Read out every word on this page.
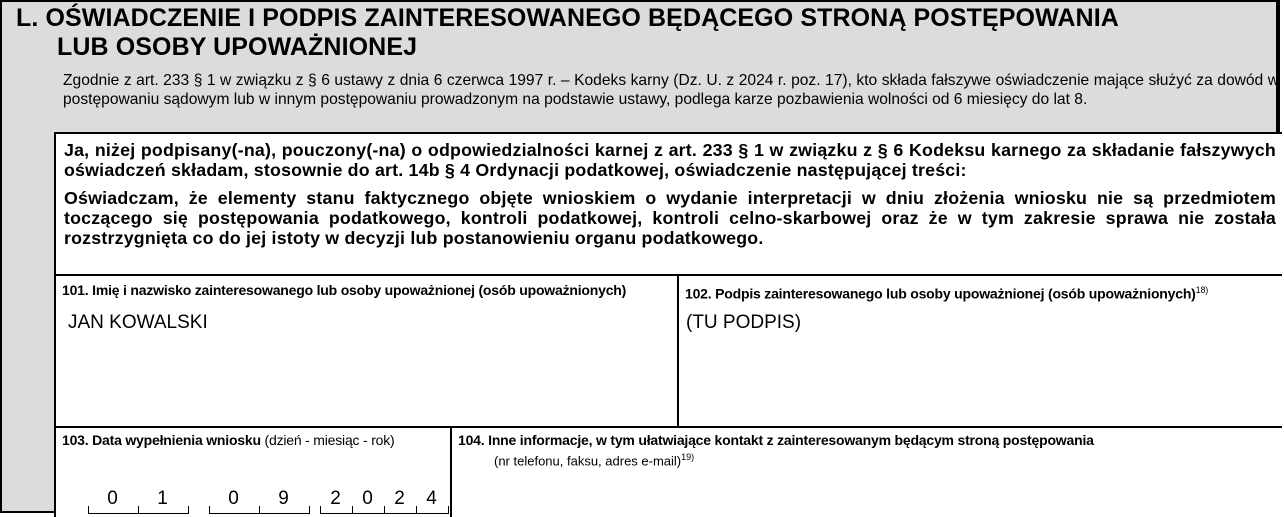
L. OŚWIADCZENIE I PODPIS ZAINTERESOWANEGO BĘDĄCEGO STRONĄ POSTĘPOWANIA
LUB OSOBY UPOWAŻNIONEJ
Zgodnie z art. 233 § 1 w związku z § 6 ustawy z dnia 6 czerwca 1997 r. – Kodeks karny (Dz. U. z 2024 r. poz. 17), kto składa fałszywe oświadczenie mające służyć za dowód w postępowaniu sądowym lub w innym postępowaniu prowadzonym na podstawie ustawy, podlega karze pozbawienia wolności od 6 miesięcy do lat 8.
Ja, niżej podpisany(-na), pouczony(-na) o odpowiedzialności karnej z art. 233 § 1 w związku z § 6 Kodeksu karnego za składanie fałszywych oświadczeń składam, stosownie do art. 14b § 4 Ordynacji podatkowej, oświadczenie następującej treści:
Oświadczam, że elementy stanu faktycznego objęte wnioskiem o wydanie interpretacji w dniu złożenia wniosku nie są przedmiotem toczącego się postępowania podatkowego, kontroli podatkowej, kontroli celno-skarbowej oraz że w tym zakresie sprawa nie została rozstrzygnięta co do jej istoty w decyzji lub postanowieniu organu podatkowego.
101. Imię i nazwisko zainteresowanego lub osoby upoważnionej (osób upoważnionych)
JAN KOWALSKI
102. Podpis zainteresowanego lub osoby upoważnionej (osób upoważnionych)$^{18)}$
(TU PODPIS)
103. Data wypełnienia wniosku (dzień - miesiąc - rok)
0	1	0	9	2	0	2	4
104. Inne informacje, w tym ułatwiające kontakt z zainteresowanym będącym stroną postępowania
(nr telefonu, faksu, adres e-mail)$^{19)}$
